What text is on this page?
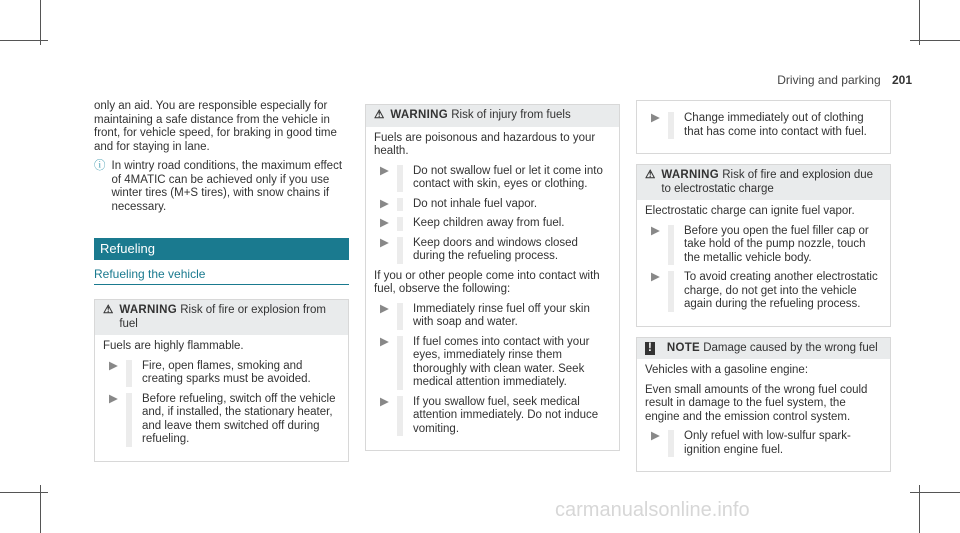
Driving and parking 201

only an aid. You are responsible especially for maintaining a safe distance from the vehicle in front, for vehicle speed, for braking in good time and for staying in lane.

ⓘ In wintry road conditions, the maximum effect of 4MATIC can be achieved only if you use winter tires (M+S tires), with snow chains if necessary.
Refueling
Refueling the vehicle
⚠ WARNING Risk of fire or explosion from fuel

Fuels are highly flammable.

▶	Fire, open flames, smoking and creating sparks must be avoided.
▶	Before refueling, switch off the vehicle and, if installed, the stationary heater, and leave them switched off during refueling.
⚠ WARNING Risk of injury from fuels

Fuels are poisonous and hazardous to your health.

▶	Do not swallow fuel or let it come into contact with skin, eyes or clothing.
▶	Do not inhale fuel vapor.
▶	Keep children away from fuel.
▶	Keep doors and windows closed during the refueling process.

If you or other people come into contact with fuel, observe the following:

▶	Immediately rinse fuel off your skin with soap and water.
▶	If fuel comes into contact with your eyes, immediately rinse them thoroughly with clean water. Seek medical attention immediately.
▶	If you swallow fuel, seek medical attention immediately. Do not induce vomiting.
▶	Change immediately out of clothing that has come into contact with fuel.
⚠ WARNING Risk of fire and explosion due to electrostatic charge

Electrostatic charge can ignite fuel vapor.

▶	Before you open the fuel filler cap or take hold of the pump nozzle, touch the metallic vehicle body.
▶	To avoid creating another electrostatic charge, do not get into the vehicle again during the refueling process.
! NOTE Damage caused by the wrong fuel

Vehicles with a gasoline engine:

Even small amounts of the wrong fuel could result in damage to the fuel system, the engine and the emission control system.

▶	Only refuel with low-sulfur spark-ignition engine fuel.
carmanualsonline.info
